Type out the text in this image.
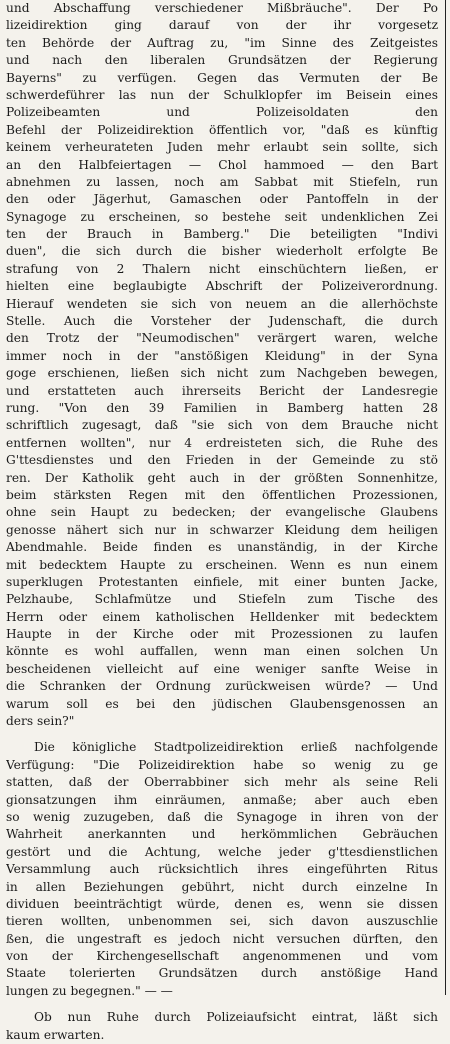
und Abschaffung verschiedener Mißbräuche". Der Po
lizeidirektion ging darauf von der ihr vorgesetz
ten Behörde der Auftrag zu, "im Sinne des Zeitgeistes
und nach den liberalen Grundsätzen der Regierung
Bayerns" zu verfügen. Gegen das Vermuten der Be
schwerdeführer las nun der Schulklopfer im Beisein eines
Polizeibeamten und Polizeisoldaten den
Befehl der Polizeidirektion öffentlich vor, "daß es künftig
keinem verheurateten Juden mehr erlaubt sein sollte, sich
an den Halbfeiertagen — Chol hammoed — den Bart
abnehmen zu lassen, noch am Sabbat mit Stiefeln, run
den oder Jägerhut, Gamaschen oder Pantoffeln in der
Synagoge zu erscheinen, so bestehe seit undenklichen Zei
ten der Brauch in Bamberg." Die beteiligten "Indivi
duen", die sich durch die bisher wiederholt erfolgte Be
strafung von 2 Thalern nicht einschüchtern ließen, er
hielten eine beglaubigte Abschrift der Polizeiverordnung.
Hierauf wendeten sie sich von neuem an die allerhöchste
Stelle. Auch die Vorsteher der Judenschaft, die durch
den Trotz der "Neumodischen" verärgert waren, welche
immer noch in der "anstößigen Kleidung" in der Syna
goge erschienen, ließen sich nicht zum Nachgeben bewegen,
und erstatteten auch ihrerseits Bericht der Landesregie
rung. "Von den 39 Familien in Bamberg hatten 28
schriftlich zugesagt, daß "sie sich von dem Brauche nicht
entfernen wollten", nur 4 erdreisteten sich, die Ruhe des
G'ttesdienstes und den Frieden in der Gemeinde zu stö
ren. Der Katholik geht auch in der größten Sonnenhitze,
beim stärksten Regen mit den öffentlichen Prozessionen,
ohne sein Haupt zu bedecken; der evangelische Glaubens
genosse nähert sich nur in schwarzer Kleidung dem heiligen
Abendmahle. Beide finden es unanständig, in der Kirche
mit bedecktem Haupte zu erscheinen. Wenn es nun einem
superklugen Protestanten einfiele, mit einer bunten Jacke,
Pelzhaube, Schlafmütze und Stiefeln zum Tische des
Herrn oder einem katholischen Helldenker mit bedecktem
Haupte in der Kirche oder mit Prozessionen zu laufen
könnte es wohl auffallen, wenn man einen solchen Un
bescheidenen vielleicht auf eine weniger sanfte Weise in
die Schranken der Ordnung zurückweisen würde? — Und
warum soll es bei den jüdischen Glaubensgenossen an
ders sein?"
Die königliche Stadtpolizeidirektion erließ nachfolgende
Verfügung: "Die Polizeidirektion habe so wenig zu ge
statten, daß der Oberrabbiner sich mehr als seine Reli
gionsatzungen ihm einräumen, anmaße; aber auch eben
so wenig zuzugeben, daß die Synagoge in ihren von der
Wahrheit anerkannten und herkömmlichen Gebräuchen
gestört und die Achtung, welche jeder g'ttesdienstlichen
Versammlung auch rücksichtlich ihres eingeführten Ritus
in allen Beziehungen gebührt, nicht durch einzelne In
dividuen beeinträchtigt würde, denen es, wenn sie dissen
tieren wollten, unbenommen sei, sich davon auszuschlie
ßen, die ungestraft es jedoch nicht versuchen dürften, den
von der Kirchengesellschaft angenommenen und vom
Staate tolerierten Grundsätzen durch anstößige Hand
lungen zu begegnen." — —
Ob nun Ruhe durch Polizeiaufsicht eintrat, läßt sich
kaum erwarten.
